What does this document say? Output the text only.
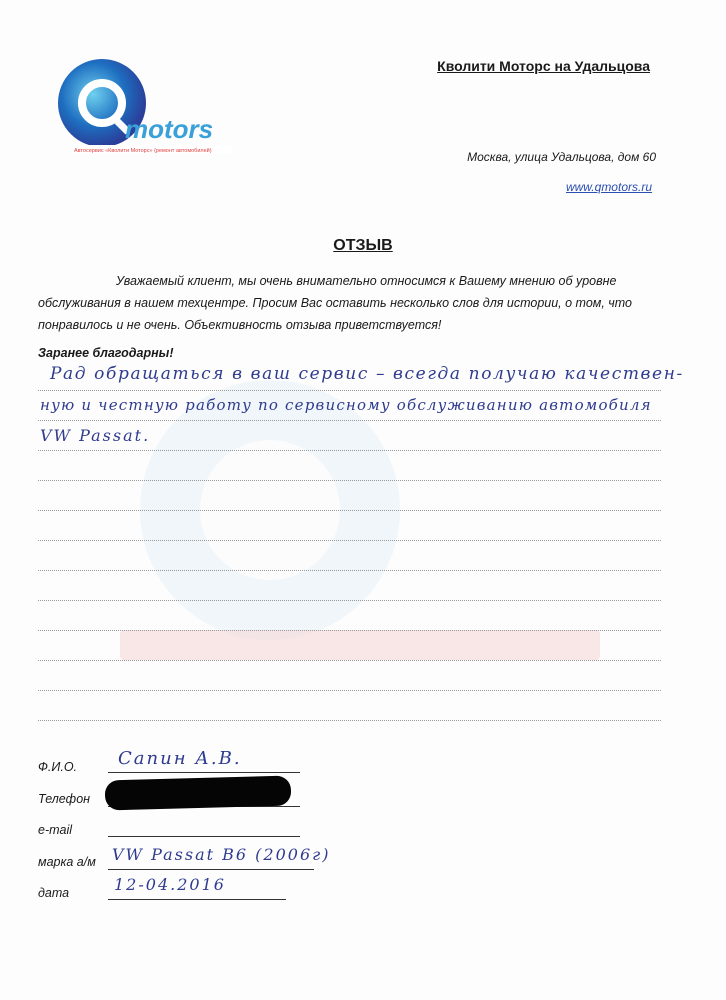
motors
Автосервис «Кволити Моторс» (ремонт автомобилей)
Кволити Моторс на Удальцова
Москва, улица Удальцова, дом 60
www.qmotors.ru
ОТЗЫВ
Уважаемый клиент, мы очень внимательно относимся к Вашему мнению об уровне обслуживания в нашем техцентре. Просим Вас оставить несколько слов для истории, о том, что понравилось и не очень. Объективность отзыва приветствуется!
Заранее благодарны!
Рад обращаться в ваш сервис – всегда получаю качествен-
ную и честную работу по сервисному обслуживанию автомобиля
VW Passat.
Ф.И.О. Сапин А.В.
Телефон
e-mail
марка а/м VW Passat B6 (2006г)
дата	12-04.2016
